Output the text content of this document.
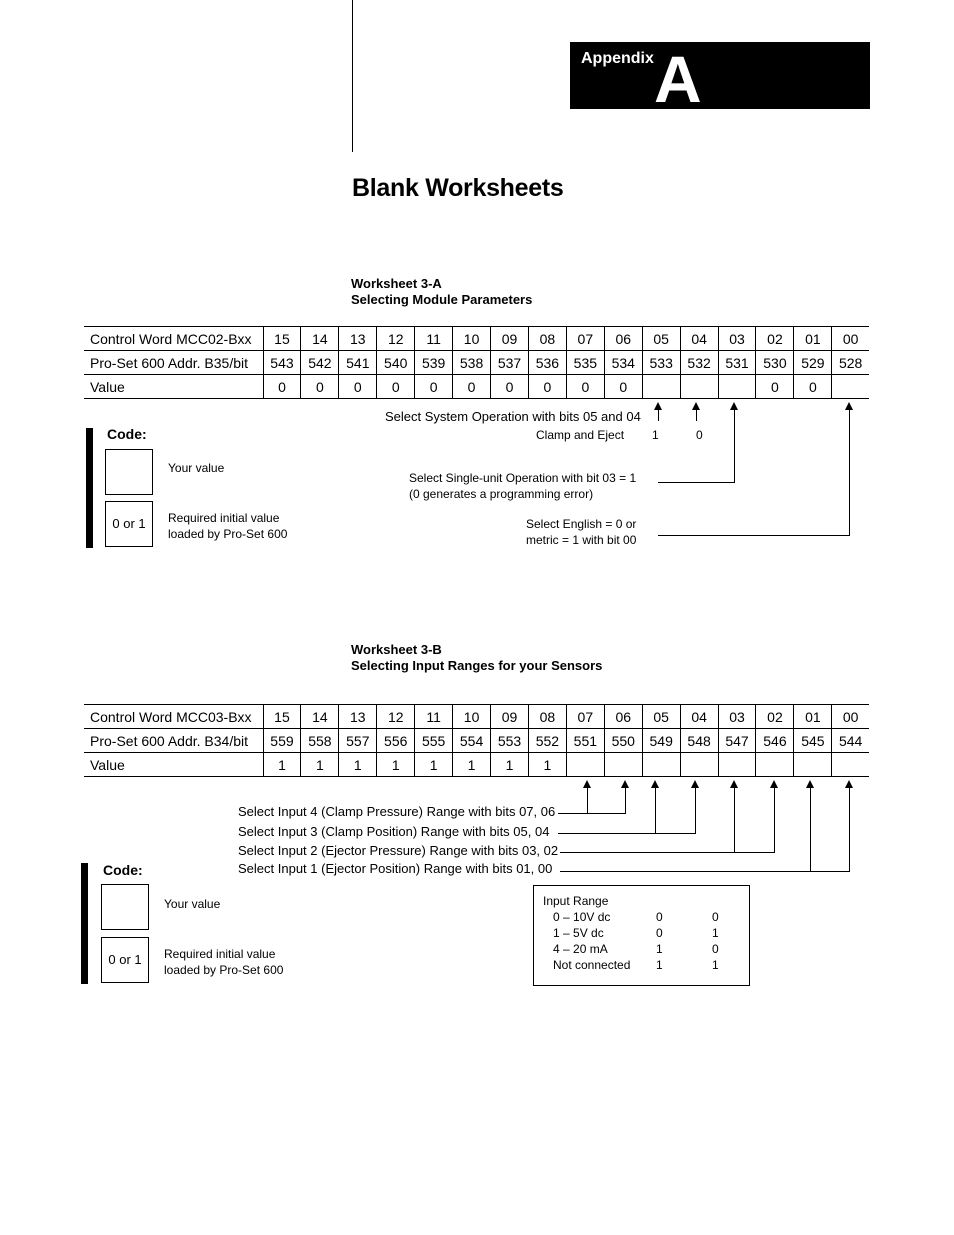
Appendix A
Blank Worksheets
Worksheet 3-A
Selecting Module Parameters
Control Word MCC02-Bxx	15	14	13	12	11	10	09	08	07	06	05	04	03	02	01	00
Pro-Set 600 Addr. B35/bit	543	542	541	540	539	538	537	536	535	534	533	532	531	530	529	528
Value	0	0	0	0	0	0	0	0	0	0				0	0	
Select System Operation with bits 05 and 04
Clamp and Eject 1	0
Select Single-unit Operation with bit 03 = 1
(0 generates a programming error)
Select English = 0 or
metric = 1 with bit 00
Code:
Your value
0 or 1	Required initial value
loaded by Pro-Set 600
Worksheet 3-B
Selecting Input Ranges for your Sensors
Control Word MCC03-Bxx	15	14	13	12	11	10	09	08	07	06	05	04	03	02	01	00
Pro-Set 600 Addr. B34/bit	559	558	557	556	555	554	553	552	551	550	549	548	547	546	545	544
Value	1	1	1	1	1	1	1	1								
Select Input 4 (Clamp Pressure) Range with bits 07, 06
Select Input 3 (Clamp Position) Range with bits 05, 04
Select Input 2 (Ejector Pressure) Range with bits 03, 02
Select Input 1 (Ejector Position) Range with bits 01, 00
Code:
Your value
0 or 1	Required initial value
loaded by Pro-Set 600
Input Range
0 – 10V dc	0	0
1 – 5V dc	0	1
4 – 20 mA	1	0
Not connected 1	1
